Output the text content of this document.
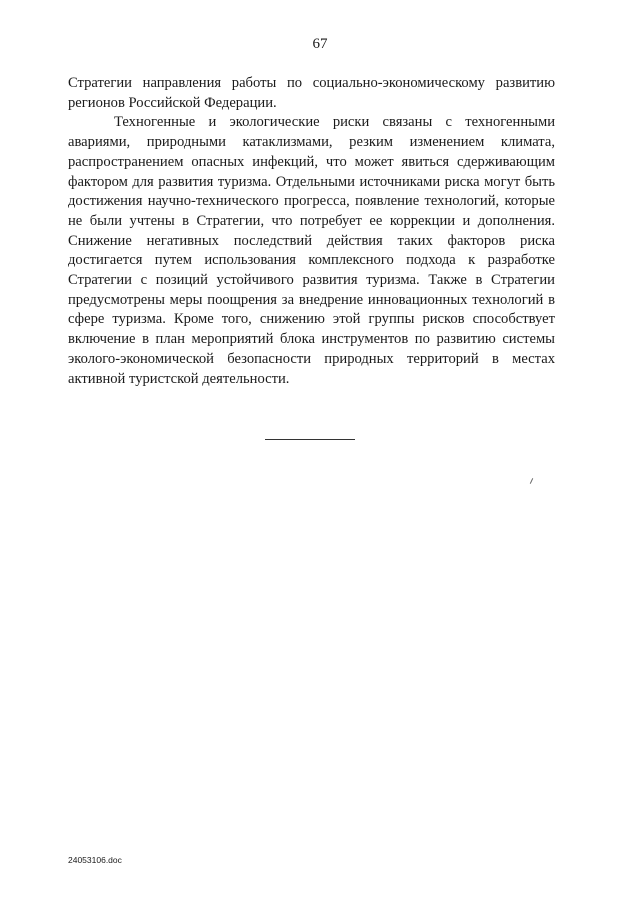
67

Стратегии направления работы по социально-экономическому развитию регионов Российской Федерации.

Техногенные и экологические риски связаны с техногенными авариями, природными катаклизмами, резким изменением климата, распространением опасных инфекций, что может явиться сдерживающим фактором для развития туризма. Отдельными источниками риска могут быть достижения научно-технического прогресса, появление технологий, которые не были учтены в Стратегии, что потребует ее коррекции и дополнения. Снижение негативных последствий действия таких факторов риска достигается путем использования комплексного подхода к разработке Стратегии с позиций устойчивого развития туризма. Также в Стратегии предусмотрены меры поощрения за внедрение инновационных технологий в сфере туризма. Кроме того, снижению этой группы рисков способствует включение в план мероприятий блока инструментов по развитию системы эколого-экономической безопасности природных территорий в местах активной туристской деятельности.

24053106.doc
